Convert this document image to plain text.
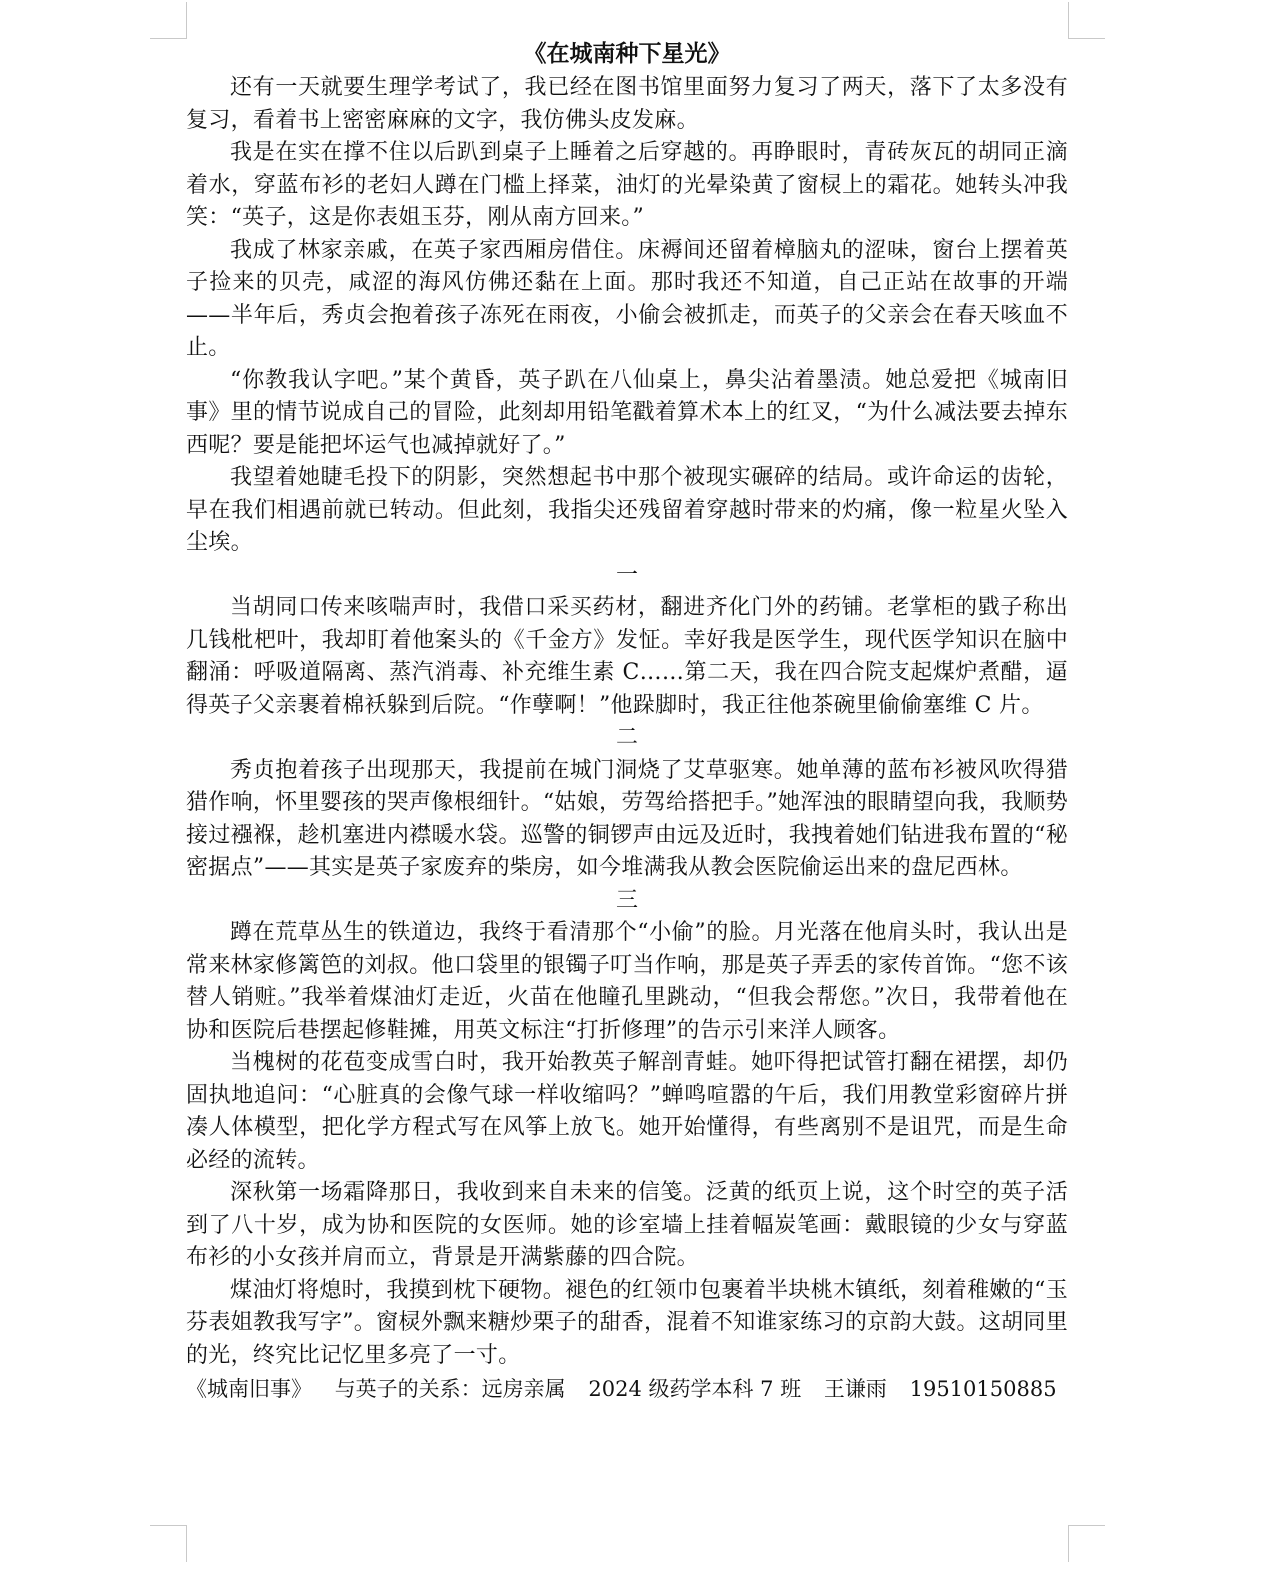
《在城南种下星光》

还有一天就要生理学考试了，我已经在图书馆里面努力复习了两天，落下了太多没有复习，看着书上密密麻麻的文字，我仿佛头皮发麻。

我是在实在撑不住以后趴到桌子上睡着之后穿越的。再睁眼时，青砖灰瓦的胡同正滴着水，穿蓝布衫的老妇人蹲在门槛上择菜，油灯的光晕染黄了窗棂上的霜花。她转头冲我笑：“英子，这是你表姐玉芬，刚从南方回来。”

我成了林家亲戚，在英子家西厢房借住。床褥间还留着樟脑丸的涩味，窗台上摆着英子捡来的贝壳，咸涩的海风仿佛还黏在上面。那时我还不知道，自己正站在故事的开端——半年后，秀贞会抱着孩子冻死在雨夜，小偷会被抓走，而英子的父亲会在春天咳血不止。

“你教我认字吧。”某个黄昏，英子趴在八仙桌上，鼻尖沾着墨渍。她总爱把《城南旧事》里的情节说成自己的冒险，此刻却用铅笔戳着算术本上的红叉，“为什么减法要去掉东西呢？要是能把坏运气也减掉就好了。”

我望着她睫毛投下的阴影，突然想起书中那个被现实碾碎的结局。或许命运的齿轮，早在我们相遇前就已转动。但此刻，我指尖还残留着穿越时带来的灼痛，像一粒星火坠入尘埃。

一

当胡同口传来咳喘声时，我借口采买药材，翻进齐化门外的药铺。老掌柜的戥子称出几钱枇杷叶，我却盯着他案头的《千金方》发怔。幸好我是医学生，现代医学知识在脑中翻涌：呼吸道隔离、蒸汽消毒、补充维生素 C……第二天，我在四合院支起煤炉煮醋，逼得英子父亲裹着棉袄躲到后院。“作孽啊！”他跺脚时，我正往他茶碗里偷偷塞维 C 片。

二

秀贞抱着孩子出现那天，我提前在城门洞烧了艾草驱寒。她单薄的蓝布衫被风吹得猎猎作响，怀里婴孩的哭声像根细针。“姑娘，劳驾给搭把手。”她浑浊的眼睛望向我，我顺势接过襁褓，趁机塞进内襟暖水袋。巡警的铜锣声由远及近时，我拽着她们钻进我布置的“秘密据点”——其实是英子家废弃的柴房，如今堆满我从教会医院偷运出来的盘尼西林。

三

蹲在荒草丛生的铁道边，我终于看清那个“小偷”的脸。月光落在他肩头时，我认出是常来林家修篱笆的刘叔。他口袋里的银镯子叮当作响，那是英子弄丢的家传首饰。“您不该替人销赃。”我举着煤油灯走近，火苗在他瞳孔里跳动，“但我会帮您。”次日，我带着他在协和医院后巷摆起修鞋摊，用英文标注“打折修理”的告示引来洋人顾客。

当槐树的花苞变成雪白时，我开始教英子解剖青蛙。她吓得把试管打翻在裙摆，却仍固执地追问：“心脏真的会像气球一样收缩吗？”蝉鸣喧嚣的午后，我们用教堂彩窗碎片拼凑人体模型，把化学方程式写在风筝上放飞。她开始懂得，有些离别不是诅咒，而是生命必经的流转。

深秋第一场霜降那日，我收到来自未来的信笺。泛黄的纸页上说，这个时空的英子活到了八十岁，成为协和医院的女医师。她的诊室墙上挂着幅炭笔画：戴眼镜的少女与穿蓝布衫的小女孩并肩而立，背景是开满紫藤的四合院。

煤油灯将熄时，我摸到枕下硬物。褪色的红领巾包裹着半块桃木镇纸，刻着稚嫩的“玉芬表姐教我写字”。窗棂外飘来糖炒栗子的甜香，混着不知谁家练习的京韵大鼓。这胡同里的光，终究比记忆里多亮了一寸。

《城南旧事》 与英子的关系：远房亲属 2024 级药学本科 7 班 王谦雨 19510150885
